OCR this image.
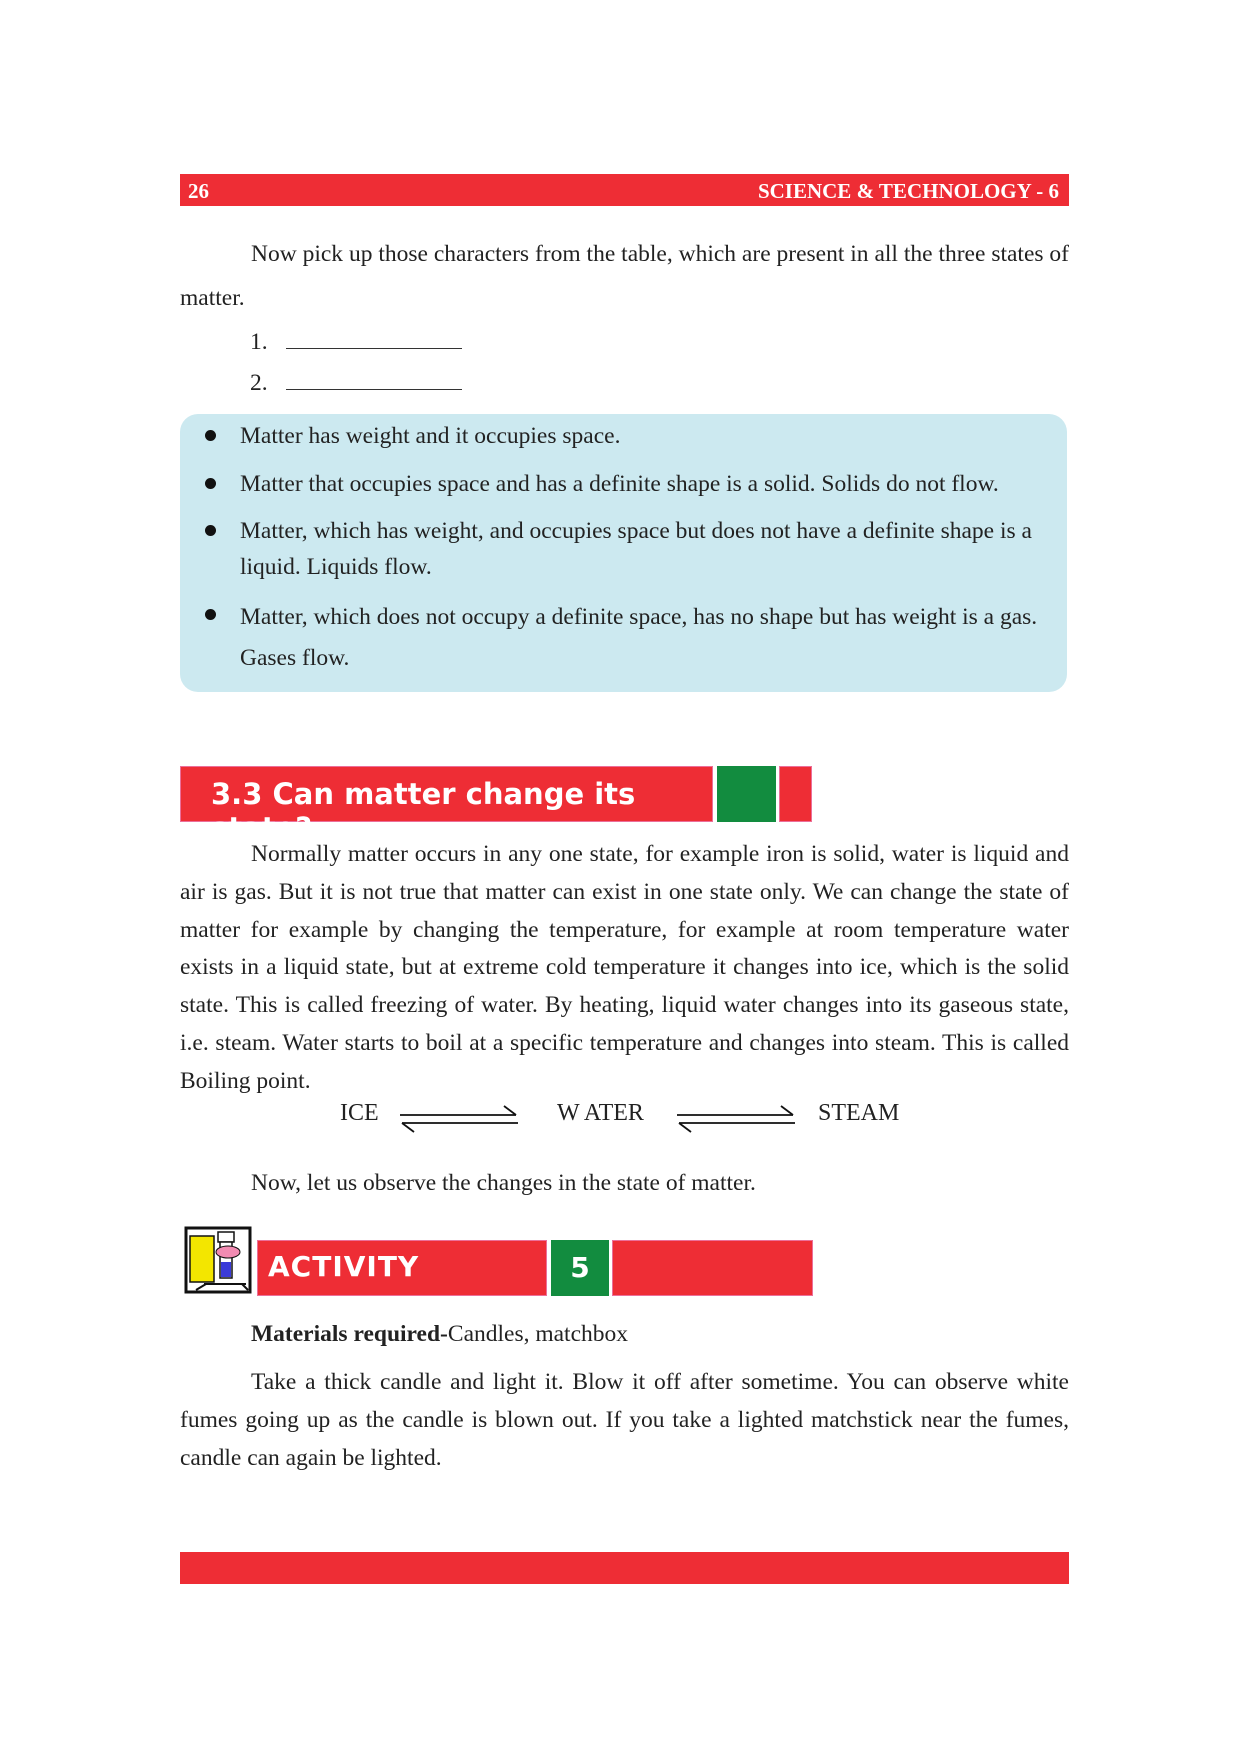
26	SCIENCE & TECHNOLOGY - 6

Now pick up those characters from the table, which are present in all the three states of matter.

1.
2.
Matter has weight and it occupies space.
Matter that occupies space and has a definite shape is a solid. Solids do not flow.
Matter, which has weight, and occupies space but does not have a definite shape is a liquid. Liquids flow.
Matter, which does not occupy a definite space, has no shape but has weight is a gas. Gases flow.
3.3 Can matter change its state?

Normally matter occurs in any one state, for example iron is solid, water is liquid and air is gas. But it is not true that matter can exist in one state only. We can change the state of matter for example by changing the temperature, for example at room temperature water exists in a liquid state, but at extreme cold temperature it changes into ice, which is the solid state. This is called freezing of water. By heating, liquid water changes into its gaseous state, i.e. steam. Water starts to boil at a specific temperature and changes into steam. This is called Boiling point.

ICE	W ATER	STEAM

Now, let us observe the changes in the state of matter.

ACTIVITY	5

Materials required-Candles, matchbox

Take a thick candle and light it. Blow it off after sometime. You can observe white fumes going up as the candle is blown out. If you take a lighted matchstick near the fumes, candle can again be lighted.
